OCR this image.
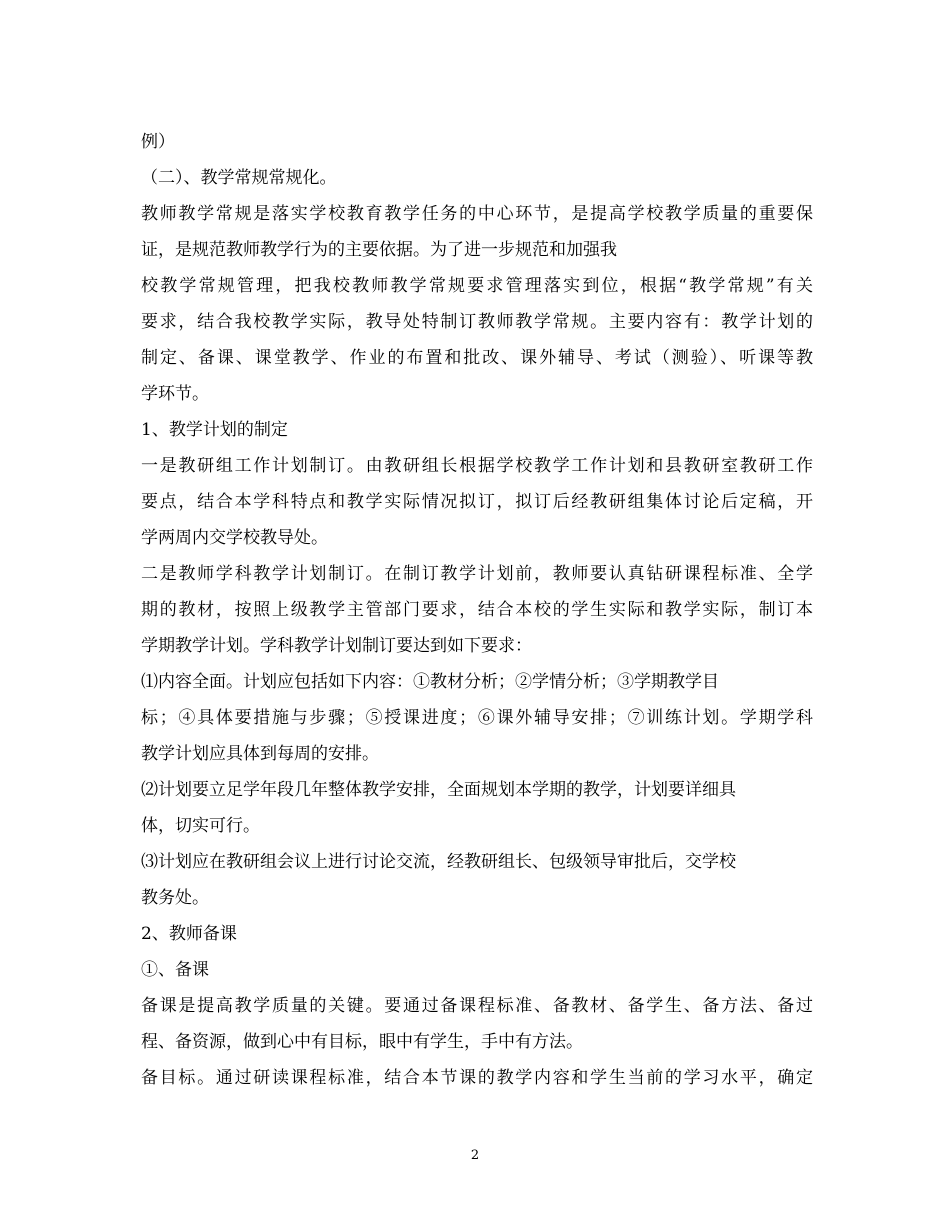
例）
（二）、教学常规常规化。
教师教学常规是落实学校教育教学任务的中心环节，是提高学校教学质量的重要保
证，是规范教师教学行为的主要依据。为了进一步规范和加强我
校教学常规管理，把我校教师教学常规要求管理落实到位，根据“教学常规”有关
要求，结合我校教学实际，教导处特制订教师教学常规。主要内容有：教学计划的
制定、备课、课堂教学、作业的布置和批改、课外辅导、考试（测验）、听课等教
学环节。
1、教学计划的制定
一是教研组工作计划制订。由教研组长根据学校教学工作计划和县教研室教研工作
要点，结合本学科特点和教学实际情况拟订，拟订后经教研组集体讨论后定稿，开
学两周内交学校教导处。
二是教师学科教学计划制订。在制订教学计划前，教师要认真钻研课程标准、全学
期的教材，按照上级教学主管部门要求，结合本校的学生实际和教学实际，制订本
学期教学计划。学科教学计划制订要达到如下要求：
⑴内容全面。计划应包括如下内容：①教材分析；②学情分析；③学期教学目
标；④具体要措施与步骤；⑤授课进度；⑥课外辅导安排；⑦训练计划。学期学科
教学计划应具体到每周的安排。
⑵计划要立足学年段几年整体教学安排，全面规划本学期的教学，计划要详细具
体，切实可行。
⑶计划应在教研组会议上进行讨论交流，经教研组长、包级领导审批后，交学校
教务处。
2、教师备课
①、备课
备课是提高教学质量的关键。要通过备课程标准、备教材、备学生、备方法、备过
程、备资源，做到心中有目标，眼中有学生，手中有方法。
备目标。通过研读课程标准，结合本节课的教学内容和学生当前的学习水平，确定
2
